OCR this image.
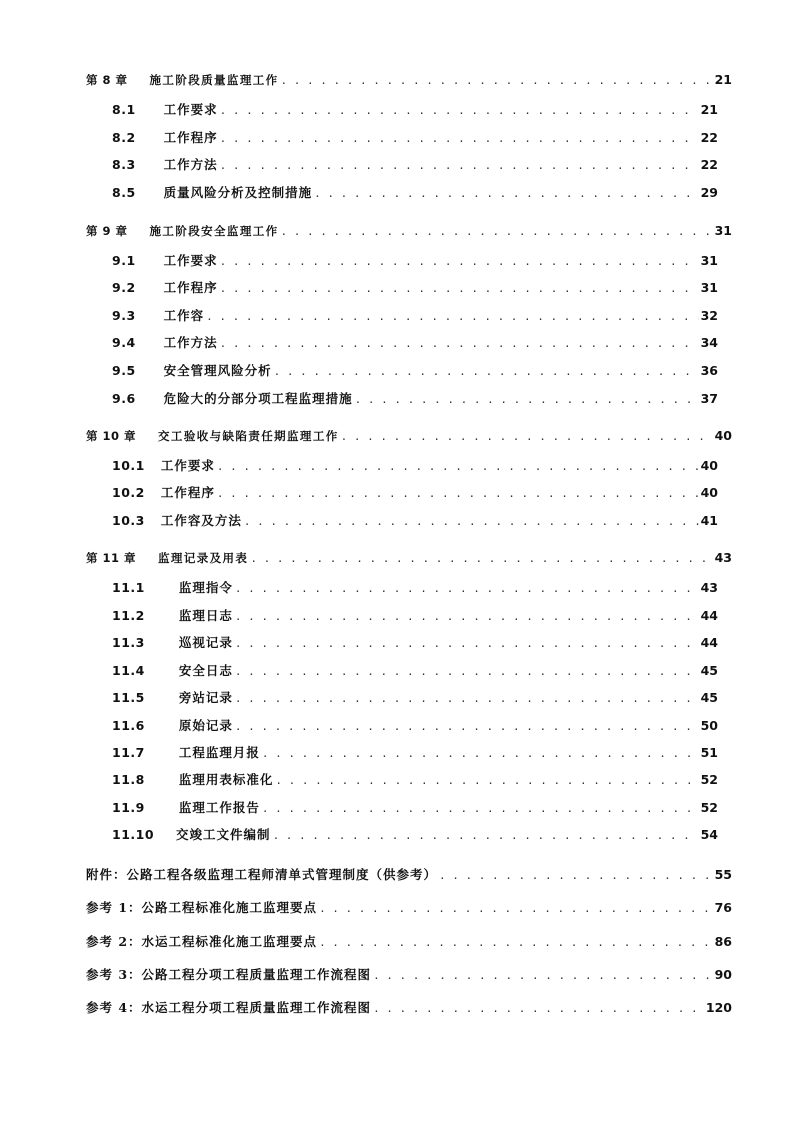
第 8 章 施工阶段质量监理工作 . . .	21
8.1 工作要求 . . .	21
8.2 工作程序 . . .	22
8.3 工作方法 . . .	22
8.5 质量风险分析及控制措施 . . .	29
第 9 章 施工阶段安全监理工作 . . .	31
9.1 工作要求 . . .	31
9.2 工作程序 . . .	31
9.3 工作容 . . .	32
9.4 工作方法 . . .	34
9.5 安全管理风险分析 . . .	36
9.6 危险大的分部分项工程监理措施 . . .	37
第 10 章 交工验收与缺陷责任期监理工作 . . .	40
10.1 工作要求 . . .	40
10.2 工作程序 . . .	40
10.3 工作容及方法 . . .	41
第 11 章 监理记录及用表 . . .	43
11.1	监理指令 . . .	43
11.2	监理日志 . . .	44
11.3	巡视记录 . . .	44
11.4	安全日志 . . .	45
11.5	旁站记录 . . .	45
11.6	原始记录 . . .	50
11.7	工程监理月报 . . .	51
11.8	监理用表标准化 . . .	52
11.9	监理工作报告 . . .	52
11.10 交竣工文件编制 . . .	54
附件：公路工程各级监理工程师清单式管理制度（供参考） . . .	55
参考 1：公路工程标准化施工监理要点 . . .	76
参考 2：水运工程标准化施工监理要点 . . .	86
参考 3：公路工程分项工程质量监理工作流程图 . . .	90
参考 4：水运工程分项工程质量监理工作流程图 . . .	120
